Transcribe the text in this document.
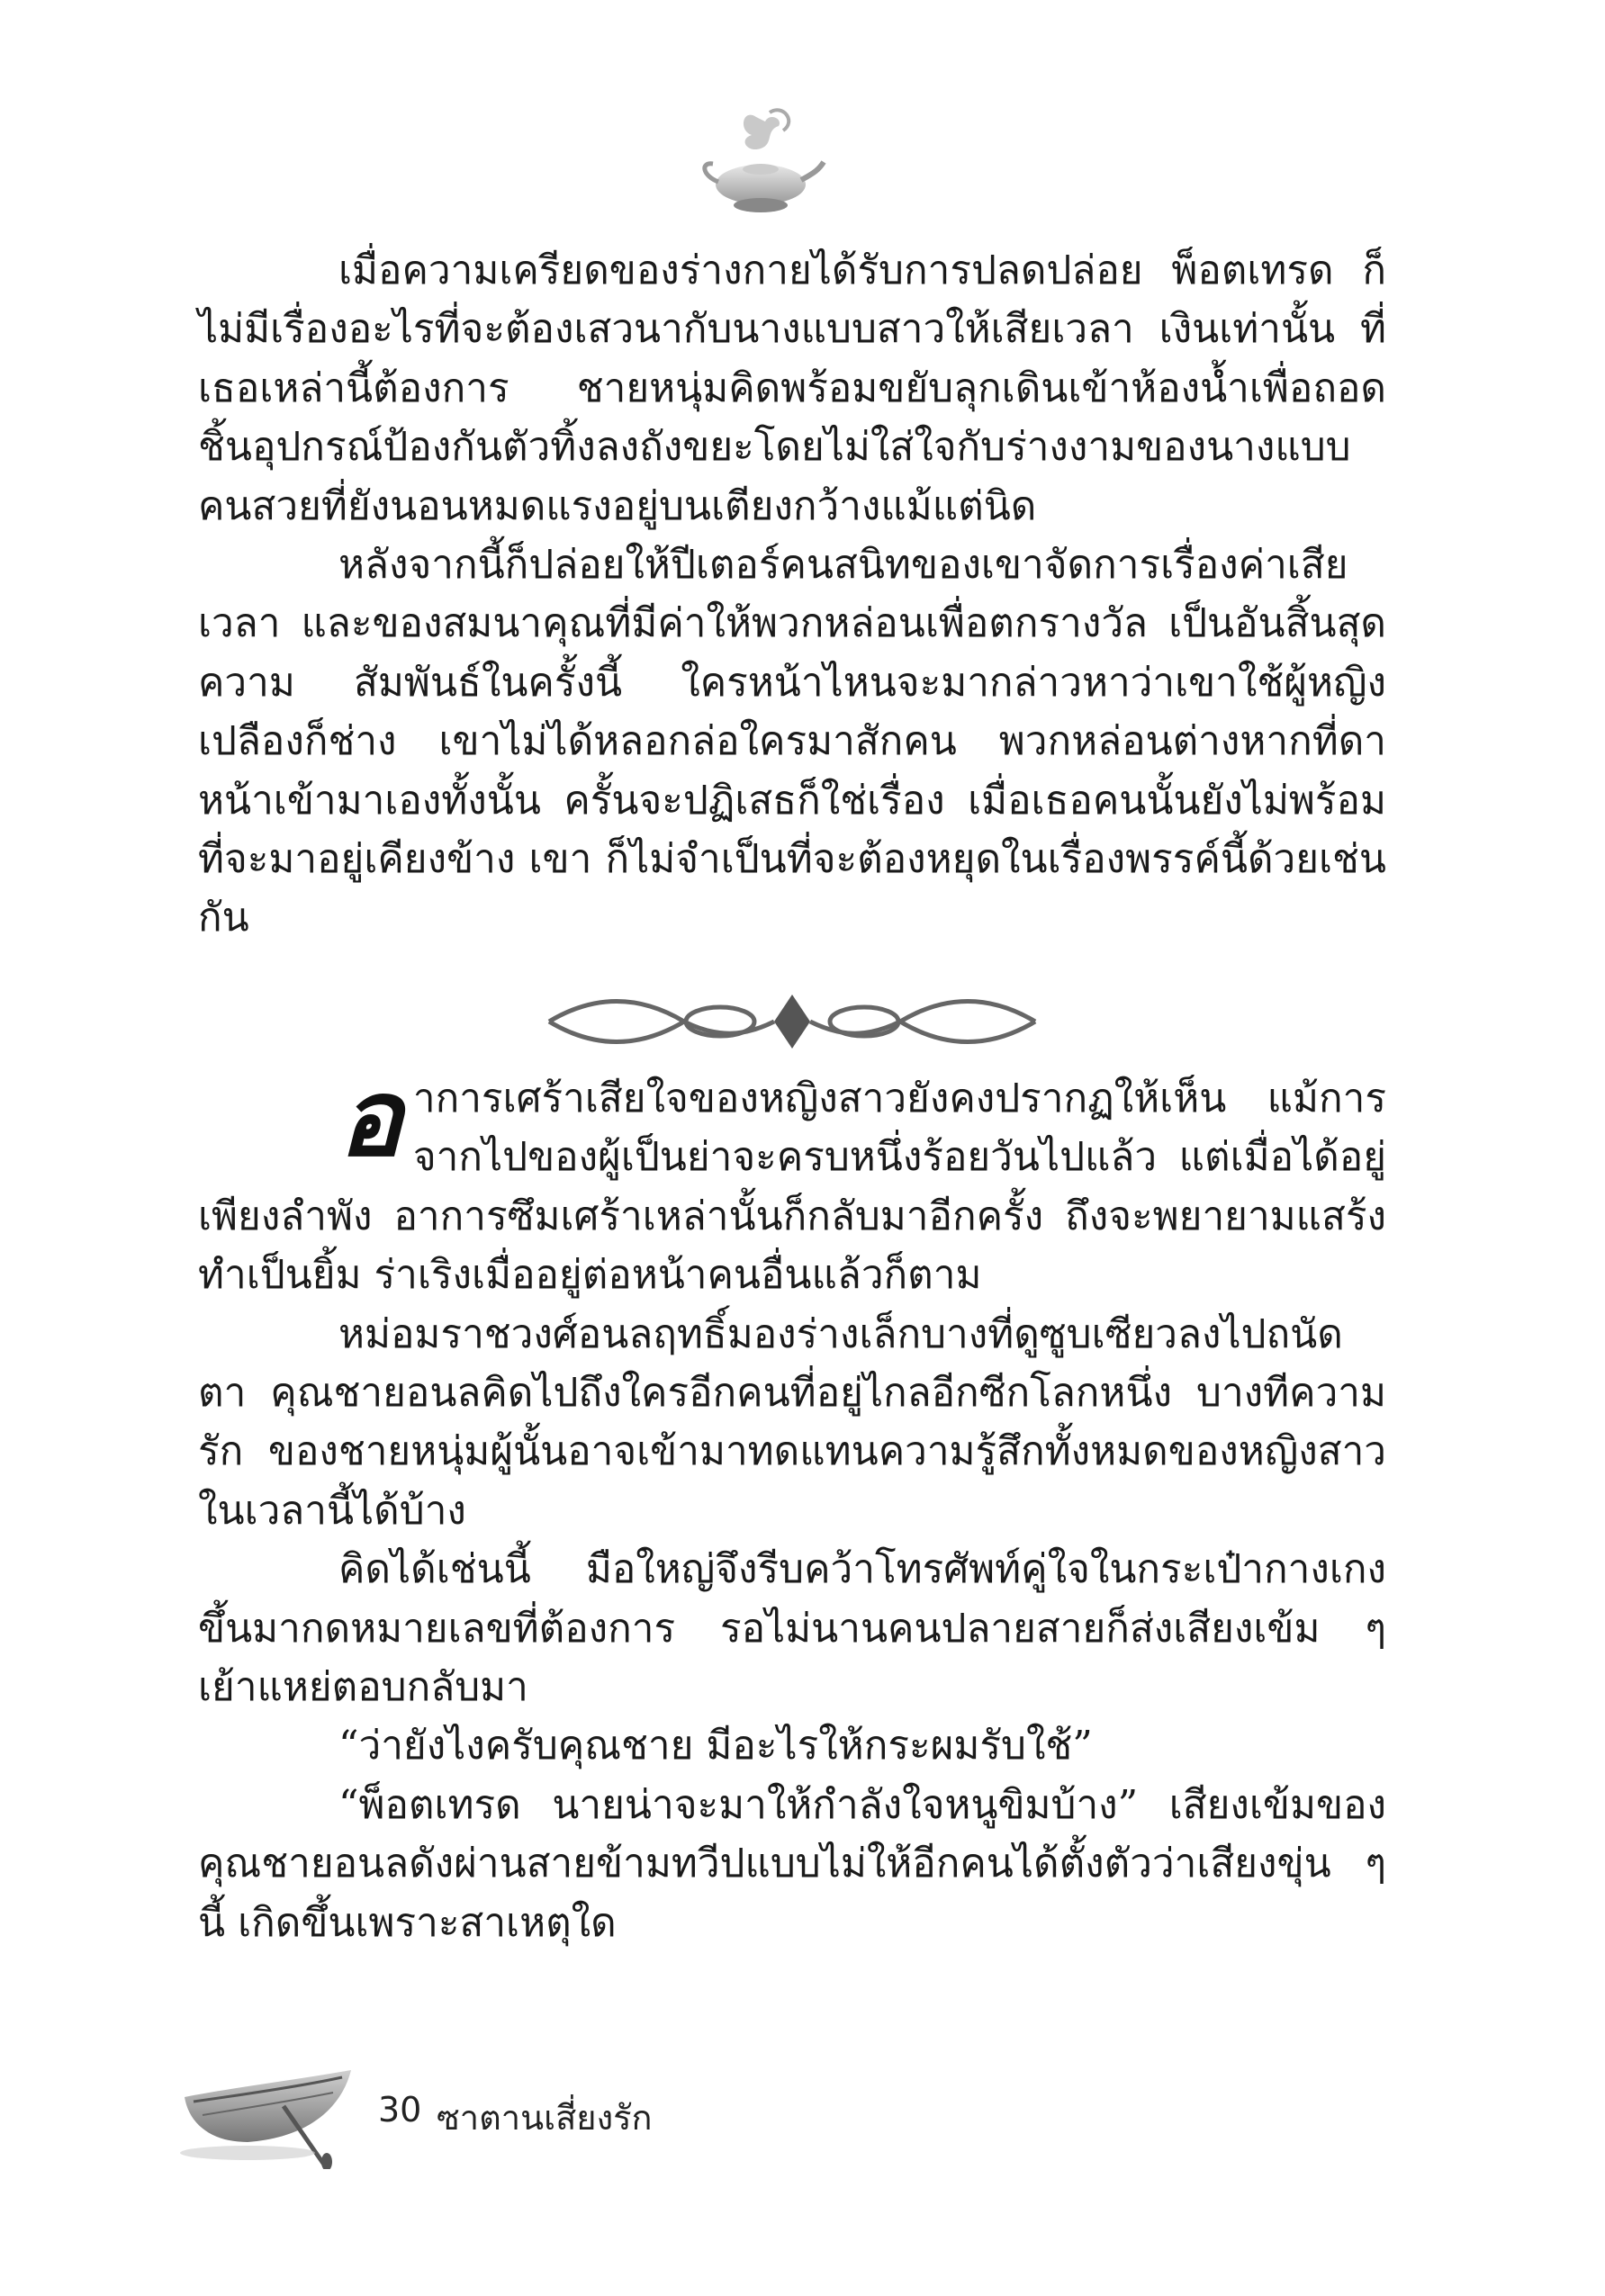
เมื่อความเครียดของร่างกายได้รับการปลดปล่อย พ็อตเทรด ก็ไม่มีเรื่องอะไรที่จะต้องเสวนากับนางแบบสาวให้เสียเวลา เงินเท่านั้น ที่เธอเหล่านี้ต้องการ ชายหนุ่มคิดพร้อมขยับลุกเดินเข้าห้องน้ำเพื่อถอด ชิ้นอุปกรณ์ป้องกันตัวทิ้งลงถังขยะโดยไม่ใส่ใจกับร่างงามของนางแบบ คนสวยที่ยังนอนหมดแรงอยู่บนเตียงกว้างแม้แต่นิด

หลังจากนี้ก็ปล่อยให้ปีเตอร์คนสนิทของเขาจัดการเรื่องค่าเสียเวลา และของสมนาคุณที่มีค่าให้พวกหล่อนเพื่อตกรางวัล เป็นอันสิ้นสุดความ สัมพันธ์ในครั้งนี้ ใครหน้าไหนจะมากล่าวหาว่าเขาใช้ผู้หญิงเปลืองก็ช่าง เขาไม่ได้หลอกล่อใครมาสักคน พวกหล่อนต่างหากที่ดาหน้าเข้ามาเองทั้งนั้น ครั้นจะปฏิเสธก็ใช่เรื่อง เมื่อเธอคนนั้นยังไม่พร้อมที่จะมาอยู่เคียงข้าง เขา ก็ไม่จำเป็นที่จะต้องหยุดในเรื่องพรรค์นี้ด้วยเช่นกัน

อ าการเศร้าเสียใจของหญิงสาวยังคงปรากฏให้เห็น แม้การ จากไปของผู้เป็นย่าจะครบหนึ่งร้อยวันไปแล้ว แต่เมื่อได้อยู่เพียงลำพัง อาการซึมเศร้าเหล่านั้นก็กลับมาอีกครั้ง ถึงจะพยายามแสร้งทำเป็นยิ้ม ร่าเริงเมื่ออยู่ต่อหน้าคนอื่นแล้วก็ตาม

หม่อมราชวงศ์อนลฤทธิ์มองร่างเล็กบางที่ดูซูบเซียวลงไปถนัดตา คุณชายอนลคิดไปถึงใครอีกคนที่อยู่ไกลอีกซีกโลกหนึ่ง บางทีความรัก ของชายหนุ่มผู้นั้นอาจเข้ามาทดแทนความรู้สึกทั้งหมดของหญิงสาว ในเวลานี้ได้บ้าง

คิดได้เช่นนี้ มือใหญ่จึงรีบคว้าโทรศัพท์คู่ใจในกระเป๋ากางเกง ขึ้นมากดหมายเลขที่ต้องการ รอไม่นานคนปลายสายก็ส่งเสียงเข้ม ๆ เย้าแหย่ตอบกลับมา

“ว่ายังไงครับคุณชาย มีอะไรให้กระผมรับใช้”

“พ็อตเทรด นายน่าจะมาให้กำลังใจหนูขิมบ้าง” เสียงเข้มของ คุณชายอนลดังผ่านสายข้ามทวีปแบบไม่ให้อีกคนได้ตั้งตัวว่าเสียงขุ่น ๆ นี้ เกิดขึ้นเพราะสาเหตุใด

30 ซาตานเสี่ยงรัก
